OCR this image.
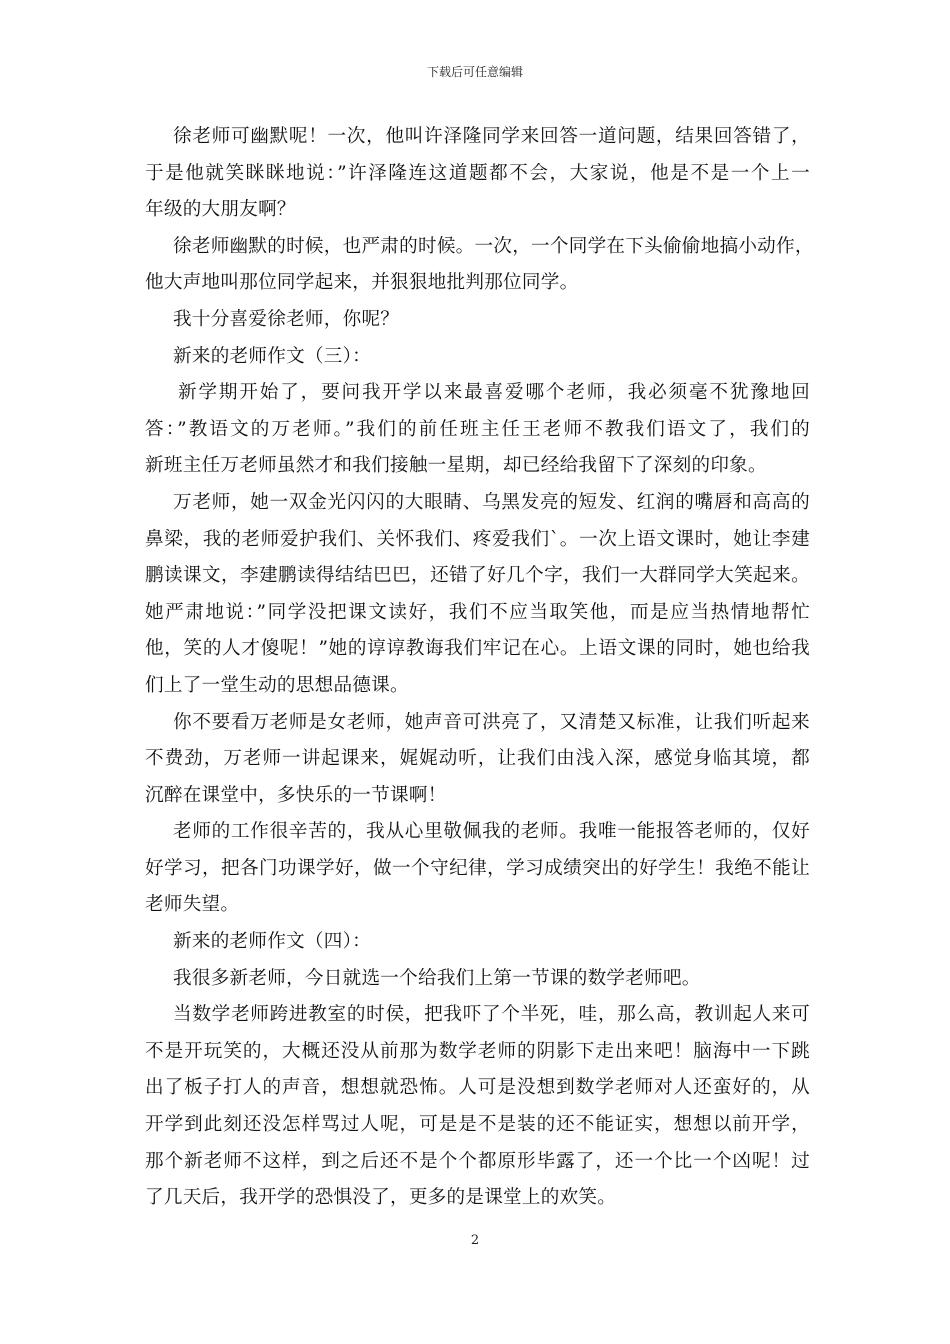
下载后可任意编辑
徐老师可幽默呢！一次，他叫许泽隆同学来回答一道问题，结果回答错了，
于是他就笑眯眯地说：”许泽隆连这道题都不会，大家说，他是不是一个上一
年级的大朋友啊？
徐老师幽默的时候，也严肃的时候。一次，一个同学在下头偷偷地搞小动作，
他大声地叫那位同学起来，并狠狠地批判那位同学。
我十分喜爱徐老师，你呢？
新来的老师作文（三）：
新学期开始了，要问我开学以来最喜爱哪个老师，我必须毫不犹豫地回
答：”教语文的万老师。”我们的前任班主任王老师不教我们语文了，我们的
新班主任万老师虽然才和我们接触一星期，却已经给我留下了深刻的印象。
万老师，她一双金光闪闪的大眼睛、乌黑发亮的短发、红润的嘴唇和高高的
鼻梁，我的老师爱护我们、关怀我们、疼爱我们`。一次上语文课时，她让李建
鹏读课文，李建鹏读得结结巴巴，还错了好几个字，我们一大群同学大笑起来。
她严肃地说：”同学没把课文读好，我们不应当取笑他，而是应当热情地帮忙
他，笑的人才傻呢！”她的谆谆教诲我们牢记在心。上语文课的同时，她也给我
们上了一堂生动的思想品德课。
你不要看万老师是女老师，她声音可洪亮了，又清楚又标准，让我们听起来
不费劲，万老师一讲起课来，娓娓动听，让我们由浅入深，感觉身临其境，都
沉醉在课堂中，多快乐的一节课啊！
老师的工作很辛苦的，我从心里敬佩我的老师。我唯一能报答老师的，仅好
好学习，把各门功课学好，做一个守纪律，学习成绩突出的好学生！我绝不能让
老师失望。
新来的老师作文（四）：
我很多新老师，今日就选一个给我们上第一节课的数学老师吧。
当数学老师跨进教室的时侯，把我吓了个半死，哇，那么高，教训起人来可
不是开玩笑的，大概还没从前那为数学老师的阴影下走出来吧！脑海中一下跳
出了板子打人的声音，想想就恐怖。人可是没想到数学老师对人还蛮好的，从
开学到此刻还没怎样骂过人呢，可是是不是装的还不能证实，想想以前开学，
那个新老师不这样，到之后还不是个个都原形毕露了，还一个比一个凶呢！过
了几天后，我开学的恐惧没了，更多的是课堂上的欢笑。
2
